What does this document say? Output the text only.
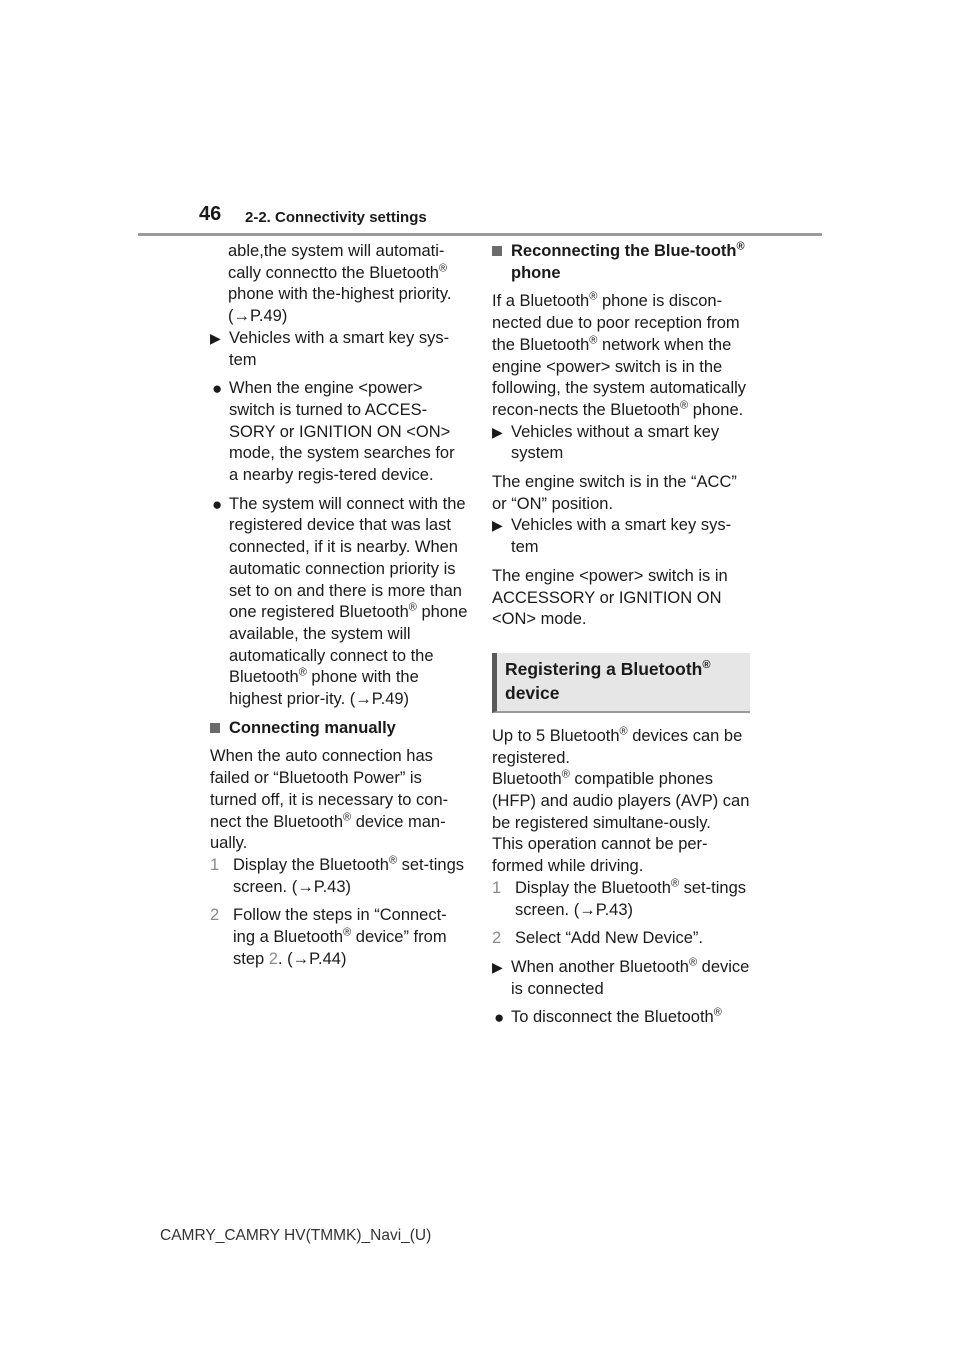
46 2-2. Connectivity settings

able,the system will automati-cally connectto the Bluetooth® phone with the-highest priority. (→P.49)

▶ Vehicles with a smart key sys-tem
● When the engine <power> switch is turned to ACCES-SORY or IGNITION ON <ON> mode, the system searches for a nearby regis-tered device.
● The system will connect with the registered device that was last connected, if it is nearby. When automatic connection priority is set to on and there is more than one registered Bluetooth® phone available, the system will automatically connect to the Bluetooth® phone with the highest prior-ity. (→P.49)
Connecting manually

When the auto connection has failed or “Bluetooth Power” is turned off, it is necessary to con-nect the Bluetooth® device man-ually.

1 Display the Bluetooth® set-tings screen. (→P.43)
2 Follow the steps in “Connect-ing a Bluetooth® device” from step 2. (→P.44)
Reconnecting the Blue-tooth® phone

If a Bluetooth® phone is discon-nected due to poor reception from the Bluetooth® network when the engine <power> switch is in the following, the system automatically recon-nects the Bluetooth® phone.

▶ Vehicles without a smart key system

The engine switch is in the “ACC” or “ON” position.

▶ Vehicles with a smart key sys-tem

The engine <power> switch is in ACCESSORY or IGNITION ON <ON> mode.

Registering a Bluetooth®
device

Up to 5 Bluetooth® devices can be registered.

Bluetooth® compatible phones (HFP) and audio players (AVP) can be registered simultane-ously.

This operation cannot be per-formed while driving.

1 Display the Bluetooth® set-tings screen. (→P.43)
2 Select “Add New Device”.
▶ When another Bluetooth® device is connected
● To disconnect the Bluetooth®
CAMRY_CAMRY HV(TMMK)_Navi_(U)
